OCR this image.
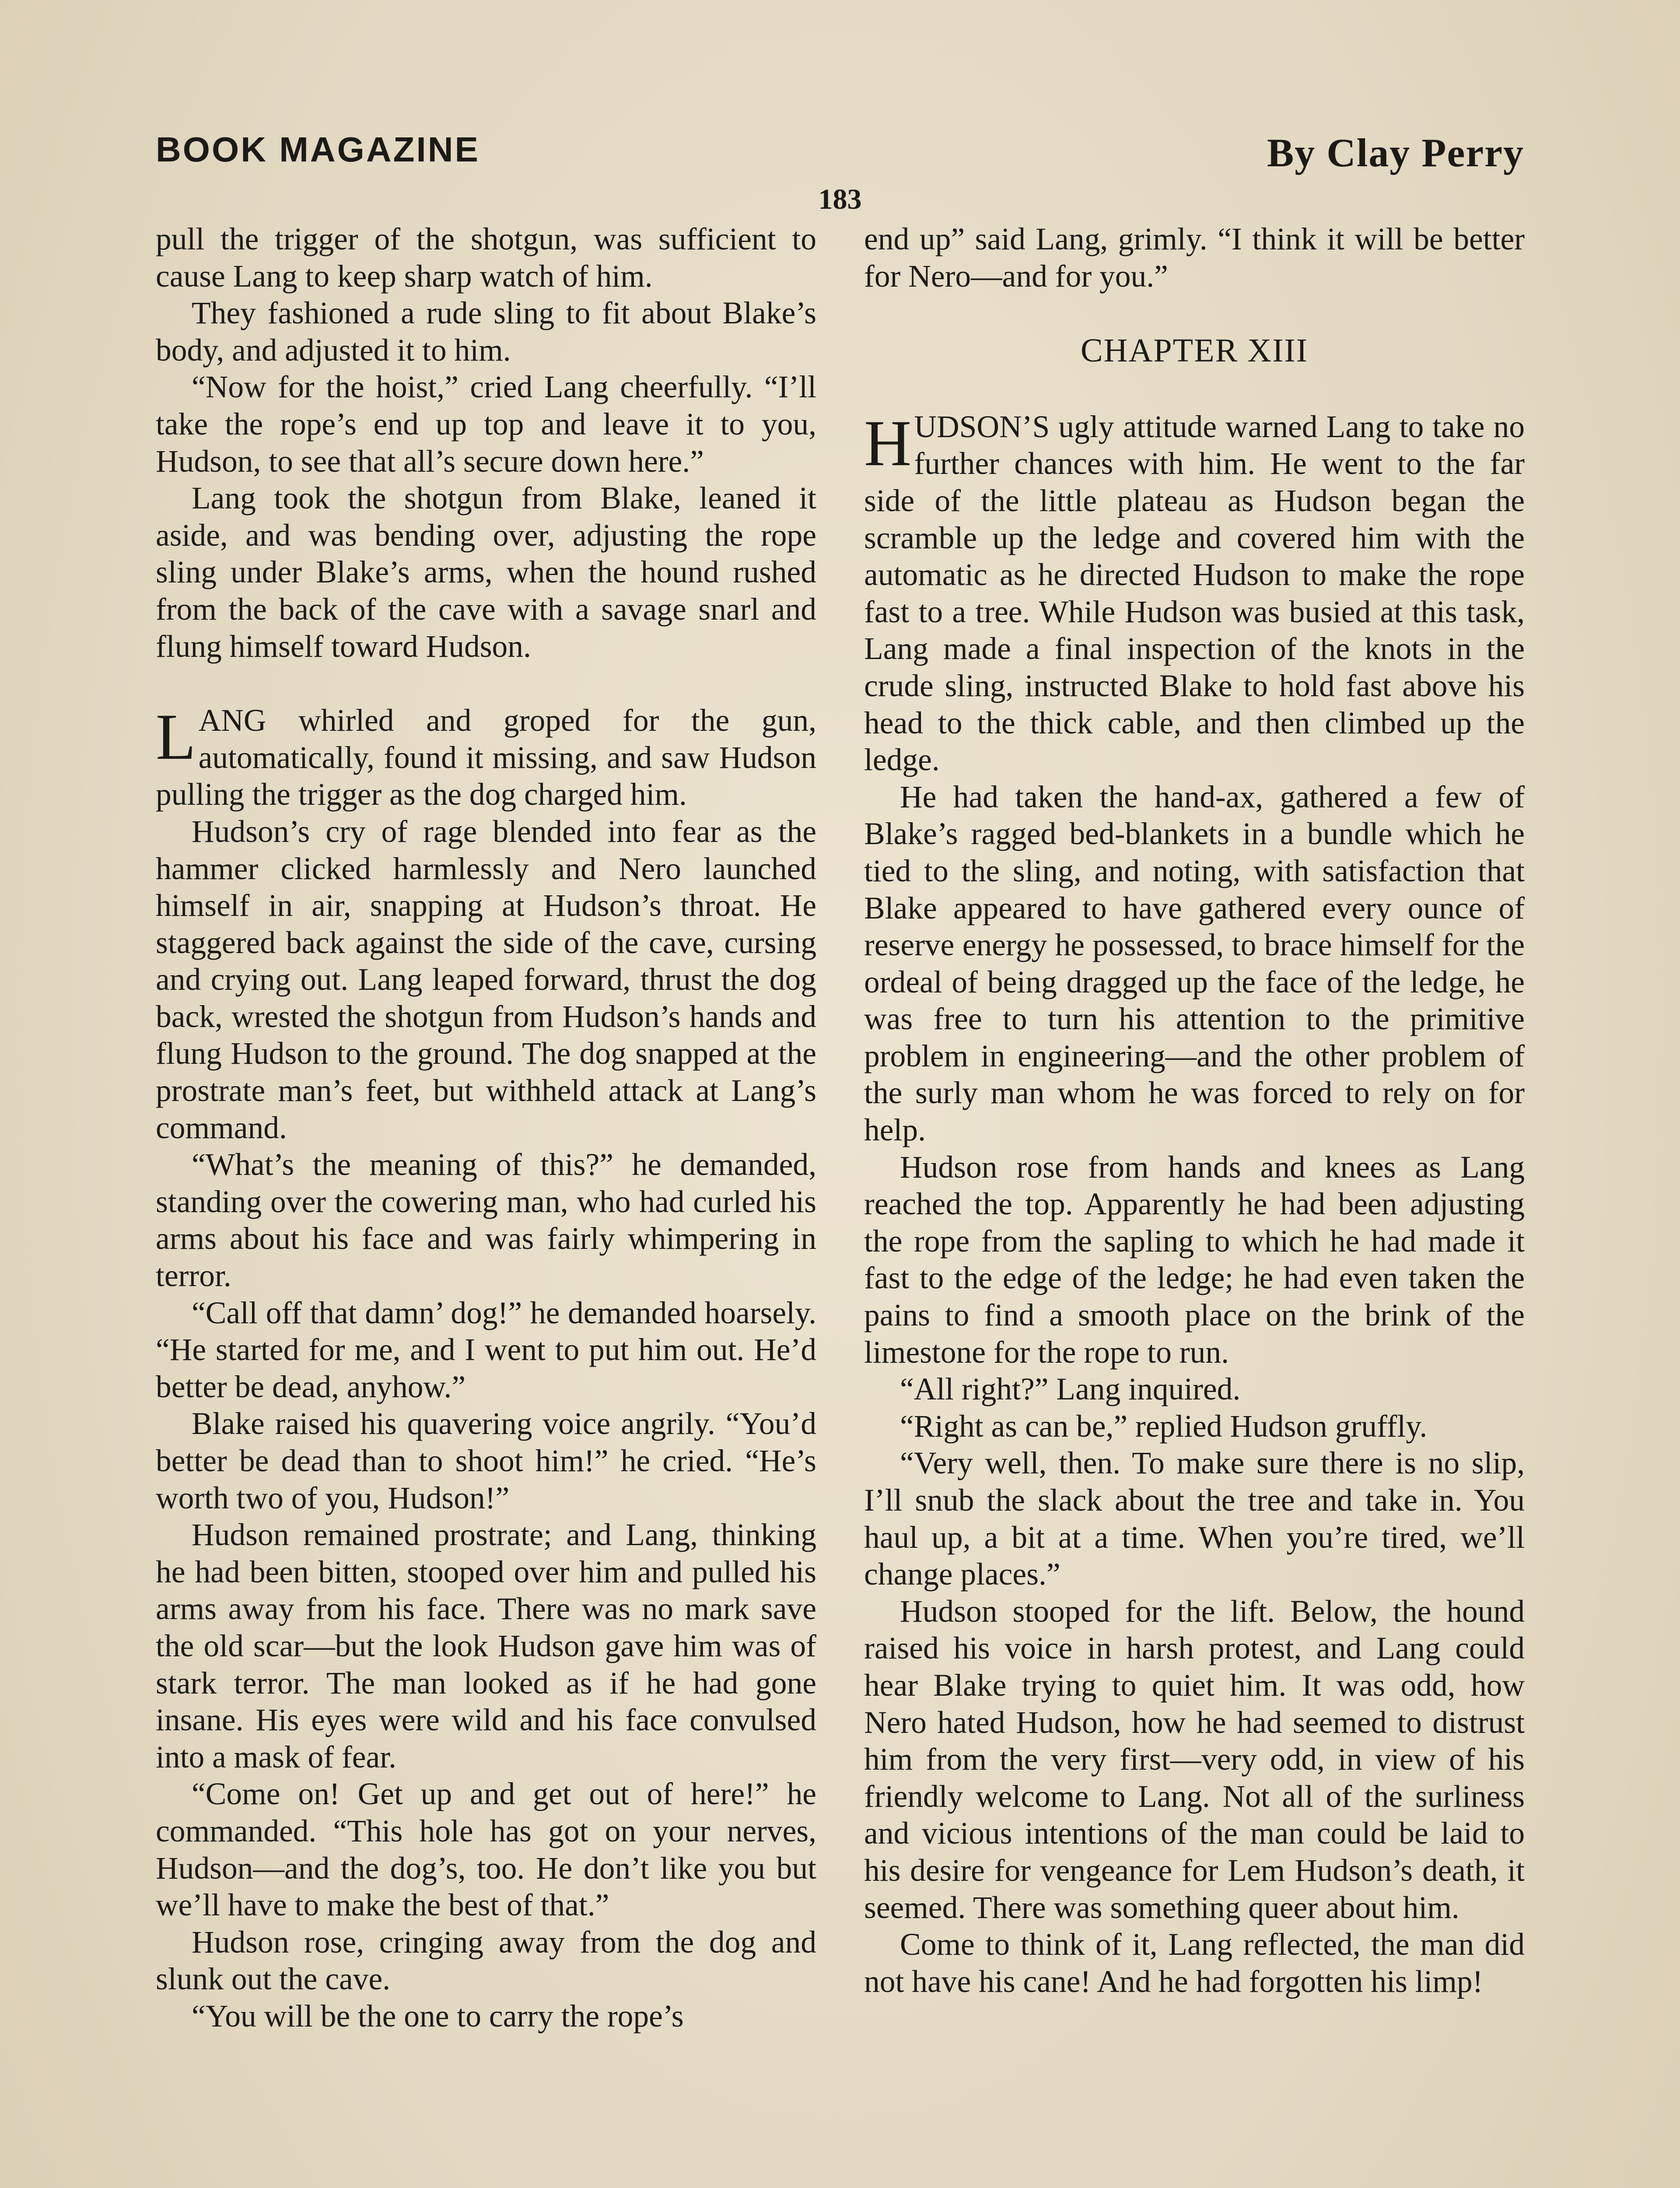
BOOK MAGAZINE	By Clay Perry
183

pull the trigger of the shotgun, was sufficient to cause Lang to keep sharp watch of him.

They fashioned a rude sling to fit about Blake’s body, and adjusted it to him.

“Now for the hoist,” cried Lang cheerfully. “I’ll take the rope’s end up top and leave it to you, Hudson, to see that all’s secure down here.”

Lang took the shotgun from Blake, leaned it aside, and was bending over, adjusting the rope sling under Blake’s arms, when the hound rushed from the back of the cave with a savage snarl and flung himself toward Hudson.

LANG whirled and groped for the gun, automatically, found it missing, and saw Hudson pulling the trigger as the dog charged him.

Hudson’s cry of rage blended into fear as the hammer clicked harmlessly and Nero launched himself in air, snapping at Hudson’s throat. He staggered back against the side of the cave, cursing and crying out. Lang leaped forward, thrust the dog back, wrested the shotgun from Hudson’s hands and flung Hudson to the ground. The dog snapped at the prostrate man’s feet, but withheld attack at Lang’s command.

“What’s the meaning of this?” he demanded, standing over the cowering man, who had curled his arms about his face and was fairly whimpering in terror.

“Call off that damn’ dog!” he demanded hoarsely. “He started for me, and I went to put him out. He’d better be dead, anyhow.”

Blake raised his quavering voice angrily. “You’d better be dead than to shoot him!” he cried. “He’s worth two of you, Hudson!”

Hudson remained prostrate; and Lang, thinking he had been bitten, stooped over him and pulled his arms away from his face. There was no mark save the old scar—but the look Hudson gave him was of stark terror. The man looked as if he had gone insane. His eyes were wild and his face convulsed into a mask of fear.

“Come on! Get up and get out of here!” he commanded. “This hole has got on your nerves, Hudson—and the dog’s, too. He don’t like you but we’ll have to make the best of that.”

Hudson rose, cringing away from the dog and slunk out the cave.

“You will be the one to carry the rope’s

end up” said Lang, grimly. “I think it will be better for Nero—and for you.”

CHAPTER XIII

HUDSON’S ugly attitude warned Lang to take no further chances with him. He went to the far side of the little plateau as Hudson began the scramble up the ledge and covered him with the automatic as he directed Hudson to make the rope fast to a tree. While Hudson was busied at this task, Lang made a final inspection of the knots in the crude sling, instructed Blake to hold fast above his head to the thick cable, and then climbed up the ledge.

He had taken the hand-ax, gathered a few of Blake’s ragged bed-blankets in a bundle which he tied to the sling, and noting, with satisfaction that Blake appeared to have gathered every ounce of reserve energy he possessed, to brace himself for the ordeal of being dragged up the face of the ledge, he was free to turn his attention to the primitive problem in engineering—and the other problem of the surly man whom he was forced to rely on for help.

Hudson rose from hands and knees as Lang reached the top. Apparently he had been adjusting the rope from the sapling to which he had made it fast to the edge of the ledge; he had even taken the pains to find a smooth place on the brink of the limestone for the rope to run.

“All right?” Lang inquired.

“Right as can be,” replied Hudson gruffly.

“Very well, then. To make sure there is no slip, I’ll snub the slack about the tree and take in. You haul up, a bit at a time. When you’re tired, we’ll change places.”

Hudson stooped for the lift. Below, the hound raised his voice in harsh protest, and Lang could hear Blake trying to quiet him. It was odd, how Nero hated Hudson, how he had seemed to distrust him from the very first—very odd, in view of his friendly welcome to Lang. Not all of the surliness and vicious intentions of the man could be laid to his desire for vengeance for Lem Hudson’s death, it seemed. There was something queer about him.

Come to think of it, Lang reflected, the man did not have his cane! And he had forgotten his limp!
